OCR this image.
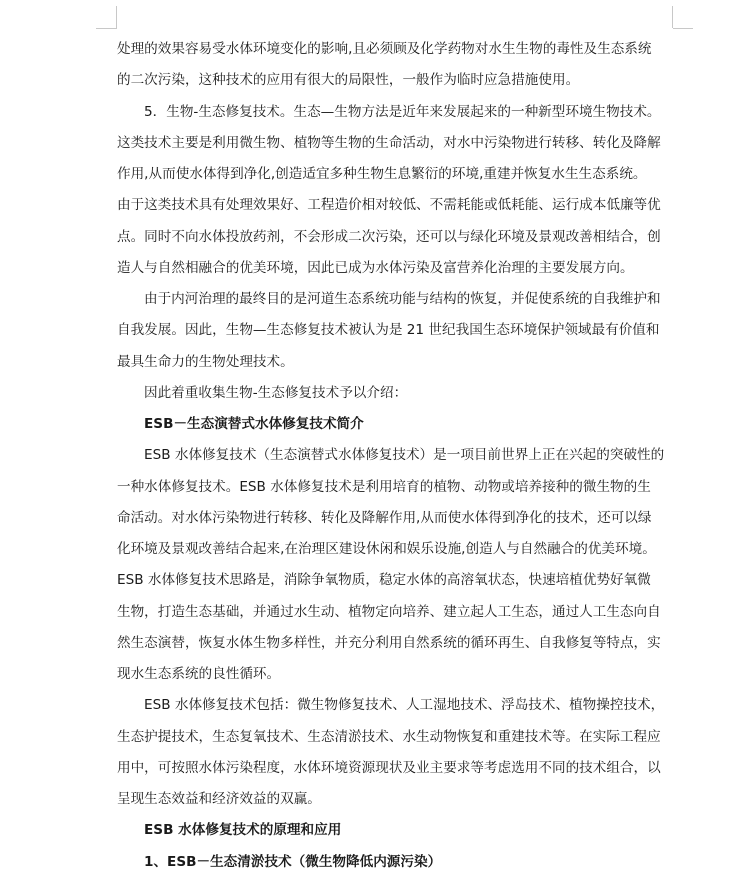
处理的效果容易受水体环境变化的影响,且必须顾及化学药物对水生生物的毒性及生态系统
的二次污染，这种技术的应用有很大的局限性，一般作为临时应急措施使用。
5．生物-生态修复技术。生态—生物方法是近年来发展起来的一种新型环境生物技术。
这类技术主要是利用微生物、植物等生物的生命活动，对水中污染物进行转移、转化及降解
作用,从而使水体得到净化,创造适宜多种生物生息繁衍的环境,重建并恢复水生生态系统。
由于这类技术具有处理效果好、工程造价相对较低、不需耗能或低耗能、运行成本低廉等优
点。同时不向水体投放药剂，不会形成二次污染，还可以与绿化环境及景观改善相结合，创
造人与自然相融合的优美环境，因此已成为水体污染及富营养化治理的主要发展方向。
由于内河治理的最终目的是河道生态系统功能与结构的恢复，并促使系统的自我维护和
自我发展。因此，生物—生态修复技术被认为是 21 世纪我国生态环境保护领域最有价值和
最具生命力的生物处理技术。
因此着重收集生物-生态修复技术予以介绍：
ESB－生态演替式水体修复技术简介
ESB 水体修复技术（生态演替式水体修复技术）是一项目前世界上正在兴起的突破性的
一种水体修复技术。ESB 水体修复技术是利用培育的植物、动物或培养接种的微生物的生
命活动。对水体污染物进行转移、转化及降解作用,从而使水体得到净化的技术，还可以绿
化环境及景观改善结合起来,在治理区建设休闲和娱乐设施,创造人与自然融合的优美环境。
ESB 水体修复技术思路是，消除争氧物质，稳定水体的高溶氧状态，快速培植优势好氧微
生物，打造生态基础，并通过水生动、植物定向培养、建立起人工生态，通过人工生态向自
然生态演替，恢复水体生物多样性，并充分利用自然系统的循环再生、自我修复等特点，实
现水生态系统的良性循环。
ESB 水体修复技术包括：微生物修复技术、人工湿地技术、浮岛技术、植物操控技术，
生态护提技术，生态复氧技术、生态清淤技术、水生动物恢复和重建技术等。在实际工程应
用中，可按照水体污染程度，水体环境资源现状及业主要求等考虑选用不同的技术组合，以
呈现生态效益和经济效益的双赢。
ESB 水体修复技术的原理和应用
1、ESB－生态清淤技术（微生物降低内源污染）
